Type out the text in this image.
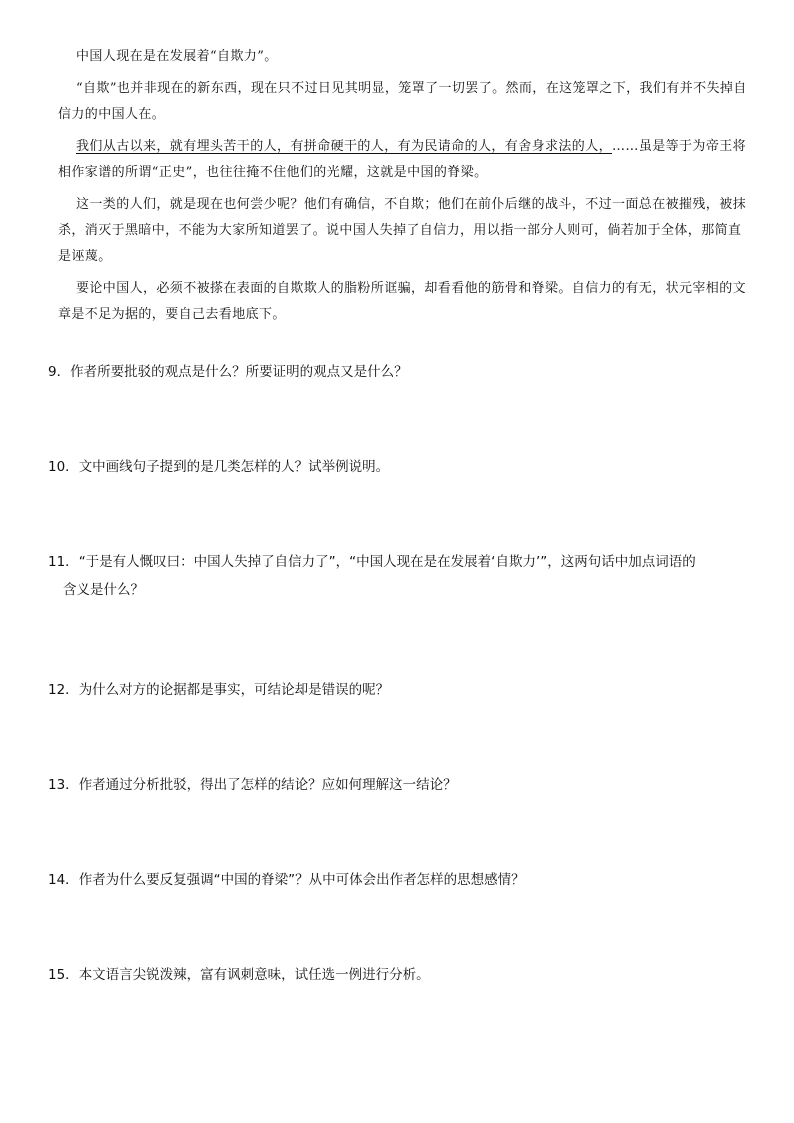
中国人现在是在发展着“自欺力”。

“自欺”也并非现在的新东西，现在只不过日见其明显，笼罩了一切罢了。然而，在这笼罩之下，我们有并不失掉自信力的中国人在。

我们从古以来，就有埋头苦干的人，有拼命硬干的人，有为民请命的人，有舍身求法的人，……虽是等于为帝王将相作家谱的所谓“正史”，也往往掩不住他们的光耀，这就是中国的脊梁。

这一类的人们，就是现在也何尝少呢？他们有确信，不自欺；他们在前仆后继的战斗，不过一面总在被摧残，被抹杀，消灭于黑暗中，不能为大家所知道罢了。说中国人失掉了自信力，用以指一部分人则可，倘若加于全体，那简直是诬蔑。

要论中国人，必须不被搽在表面的自欺欺人的脂粉所诓骗，却看看他的筋骨和脊梁。自信力的有无，状元宰相的文章是不足为据的，要自己去看地底下。

9．作者所要批驳的观点是什么？所要证明的观点又是什么？
10．文中画线句子提到的是几类怎样的人？试举例说明。
11．“于是有人慨叹曰：中国人失掉了自信力了”，“中国人现在是在发展着‘自欺力’”，这两句话中加点词语的
含义是什么？
12．为什么对方的论据都是事实，可结论却是错误的呢？
13．作者通过分析批驳，得出了怎样的结论？应如何理解这一结论？
14．作者为什么要反复强调“中国的脊梁”？从中可体会出作者怎样的思想感情？
15．本文语言尖锐泼辣，富有讽刺意味，试任选一例进行分析。
